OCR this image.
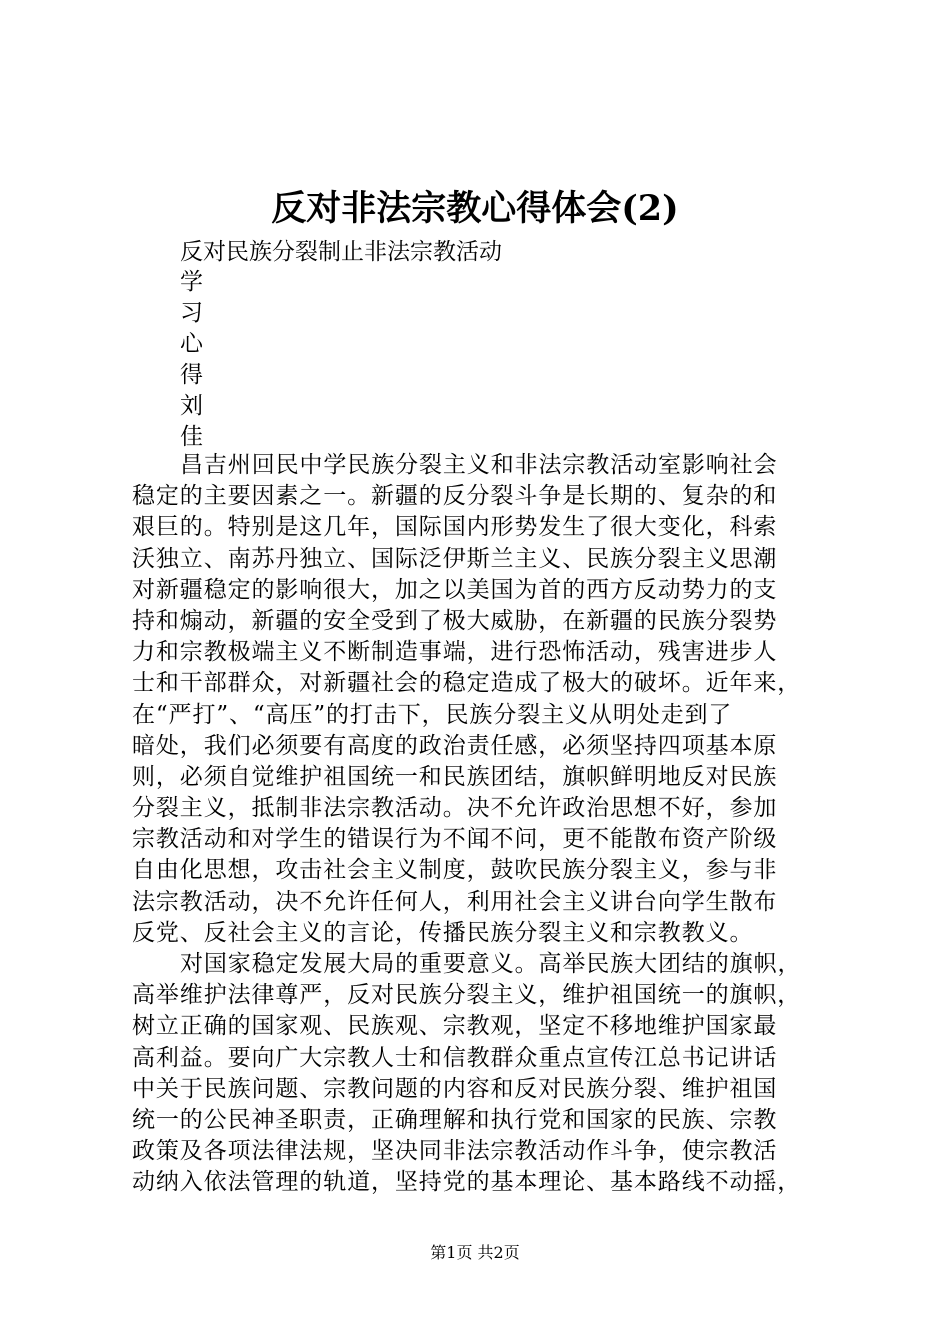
反对非法宗教心得体会(2)
反对民族分裂制止非法宗教活动
学
习
心
得
刘
佳
昌吉州回民中学民族分裂主义和非法宗教活动室影响社会
稳定的主要因素之一。新疆的反分裂斗争是长期的、复杂的和
艰巨的。特别是这几年，国际国内形势发生了很大变化，科索
沃独立、南苏丹独立、国际泛伊斯兰主义、民族分裂主义思潮
对新疆稳定的影响很大，加之以美国为首的西方反动势力的支
持和煽动，新疆的安全受到了极大威胁，在新疆的民族分裂势
力和宗教极端主义不断制造事端，进行恐怖活动，残害进步人
士和干部群众，对新疆社会的稳定造成了极大的破坏。近年来，
在“严打”、“高压”的打击下，民族分裂主义从明处走到了
暗处，我们必须要有高度的政治责任感，必须坚持四项基本原
则，必须自觉维护祖国统一和民族团结，旗帜鲜明地反对民族
分裂主义，抵制非法宗教活动。决不允许政治思想不好，参加
宗教活动和对学生的错误行为不闻不问，更不能散布资产阶级
自由化思想，攻击社会主义制度，鼓吹民族分裂主义，参与非
法宗教活动，决不允许任何人，利用社会主义讲台向学生散布
反党、反社会主义的言论，传播民族分裂主义和宗教教义。
对国家稳定发展大局的重要意义。高举民族大团结的旗帜，
高举维护法律尊严，反对民族分裂主义，维护祖国统一的旗帜，
树立正确的国家观、民族观、宗教观，坚定不移地维护国家最
高利益。要向广大宗教人士和信教群众重点宣传江总书记讲话
中关于民族问题、宗教问题的内容和反对民族分裂、维护祖国
统一的公民神圣职责，正确理解和执行党和国家的民族、宗教
政策及各项法律法规，坚决同非法宗教活动作斗争，使宗教活
动纳入依法管理的轨道，坚持党的基本理论、基本路线不动摇，
第1页 共2页
